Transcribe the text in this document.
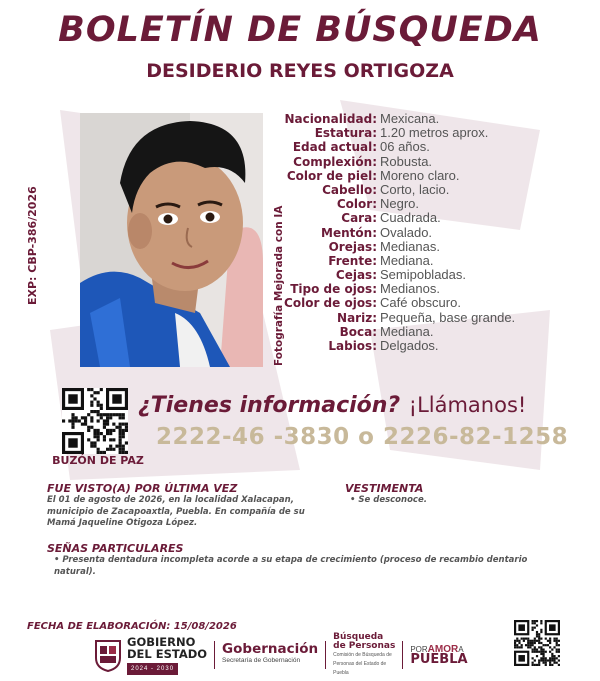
BOLETÍN DE BÚSQUEDA
DESIDERIO REYES ORTIGOZA
EXP: CBP-386/2026	Fotografía Mejorada con IA
Nacionalidad: Mexicana.
Estatura: 1.20 metros aprox.
Edad actual: 06 años.
Complexión: Robusta.
Color de piel: Moreno claro.
Cabello: Corto, lacio.
Color: Negro.
Cara: Cuadrada.
Mentón: Ovalado.
Orejas: Medianas.
Frente: Mediana.
Cejas: Semipobladas.
Tipo de ojos: Medianos.
Color de ojos: Café obscuro.
Nariz: Pequeña, base grande.
Boca: Mediana.
Labios: Delgados.
BUZÓN DE PAZ
¿Tienes información? ¡Llámanos!
2222-46 -3830 o 2226-82-1258
FUE VISTO(A) POR ÚLTIMA VEZ
El 01 de agosto de 2026, en la localidad Xalacapan, municipio de Zacapoaxtla, Puebla. En compañía de su Mamá Jaqueline Otigoza López.
VESTIMENTA
• Se desconoce.
SEÑAS PARTICULARES
• Presenta dentadura incompleta acorde a su etapa de crecimiento (proceso de recambio dentario natural).
FECHA DE ELABORACIÓN: 15/08/2026
GOBIERNO
DEL ESTADO
2024 - 2030
Gobernación
Secretaría de Gobernación
Búsqueda
de Personas
Comisión de Búsqueda de Personas del Estado de Puebla
PORAMORA
PUEBLA
